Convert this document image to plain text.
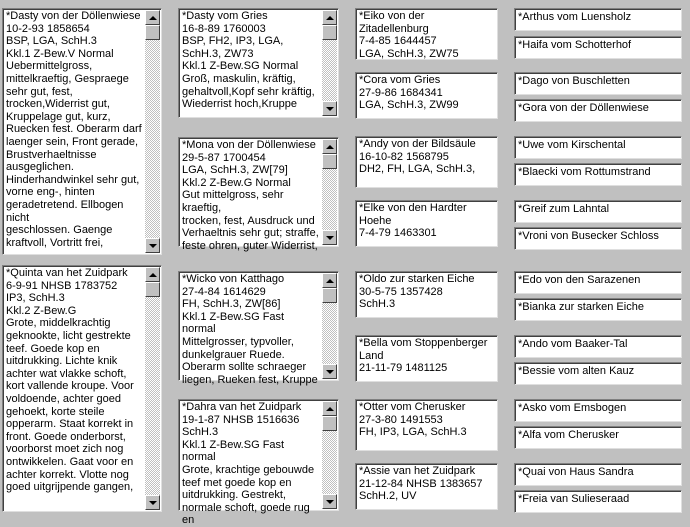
*Dasty von der Döllenwiese
10-2-93 1858654
BSP, LGA, SchH.3
Kkl.1 Z-Bew.V Normal
Uebermittelgross,
mittelkraeftig, Gespraege
sehr gut, fest,
trocken,Widerrist gut,
Kruppelage gut, kurz,
Ruecken fest. Oberarm darf
laenger sein, Front gerade,
Brustverhaeltnisse
ausgeglichen.
Hinderhandwinkel sehr gut,
vorne eng-, hinten
geradetretend. Ellbogen nicht
geschlossen. Gaenge
kraftvoll, Vortritt frei,
*Dasty vom Gries
16-8-89 1760003
BSP, FH2, IP3, LGA,
SchH.3, ZW73
Kkl.1 Z-Bew.SG Normal
Groß, maskulin, kräftig,
gehaltvoll,Kopf sehr kräftig,
Wiederrist hoch,Kruppe
*Mona von der Döllenwiese
29-5-87 1700454
LGA, SchH.3, ZW[79]
Kkl.2 Z-Bew.G Normal
Gut mittelgross, sehr kraeftig,
trocken, fest, Ausdruck und
Verhaeltnis sehr gut; straffe,
feste ohren, guter Widerrist,
*Eiko von der Zitadellenburg
7-4-85 1644457
LGA, SchH.3, ZW75
*Cora vom Gries
27-9-86 1684341
LGA, SchH.3, ZW99
*Andy von der Bildsäule
16-10-82 1568795
DH2, FH, LGA, SchH.3,
*Elke von den Hardter
Hoehe
7-4-79 1463301
*Arthus vom Luensholz
*Haifa vom Schotterhof
*Dago von Buschletten
*Gora von der Döllenwiese
*Uwe vom Kirschental
*Blaecki vom Rottumstrand
*Greif zum Lahntal
*Vroni von Busecker Schloss
*Quinta van het Zuidpark
6-9-91 NHSB 1783752
IP3, SchH.3
Kkl.2 Z-Bew.G
Grote, middelkrachtig
geknookte, licht gestrekte
teef. Goede kop en
uitdrukking. Lichte knik
achter wat vlakke schoft,
kort vallende kroupe. Voor
voldoende, achter goed
gehoekt, korte steile
opperarm. Staat korrekt in
front. Goede onderborst,
voorborst moet zich nog
ontwikkelen. Gaat voor en
achter korrekt. Vlotte nog
goed uitgrijpende gangen,
*Wicko von Katthago
27-4-84 1614629
FH, SchH.3, ZW[86]
Kkl.1 Z-Bew.SG Fast normal
Mittelgrosser, typvoller,
dunkelgrauer Ruede.
Oberarm sollte schraeger
liegen, Rueken fest, Kruppe
*Dahra van het Zuidpark
19-1-87 NHSB 1516636
SchH.3
Kkl.1 Z-Bew.SG Fast normal
Grote, krachtige gebouwde
teef met goede kop en
uitdrukking. Gestrekt,
normale schoft, goede rug en
*Oldo zur starken Eiche
30-5-75 1357428
SchH.3
*Bella vom Stoppenberger
Land
21-11-79 1481125
*Otter vom Cherusker
27-3-80 1491553
FH, IP3, LGA, SchH.3
*Assie van het Zuidpark
21-12-84 NHSB 1383657
SchH.2, UV
*Edo von den Sarazenen
*Bianka zur starken Eiche
*Ando vom Baaker-Tal
*Bessie vom alten Kauz
*Asko vom Emsbogen
*Alfa vom Cherusker
*Quai von Haus Sandra
*Freia van Sulieseraad
